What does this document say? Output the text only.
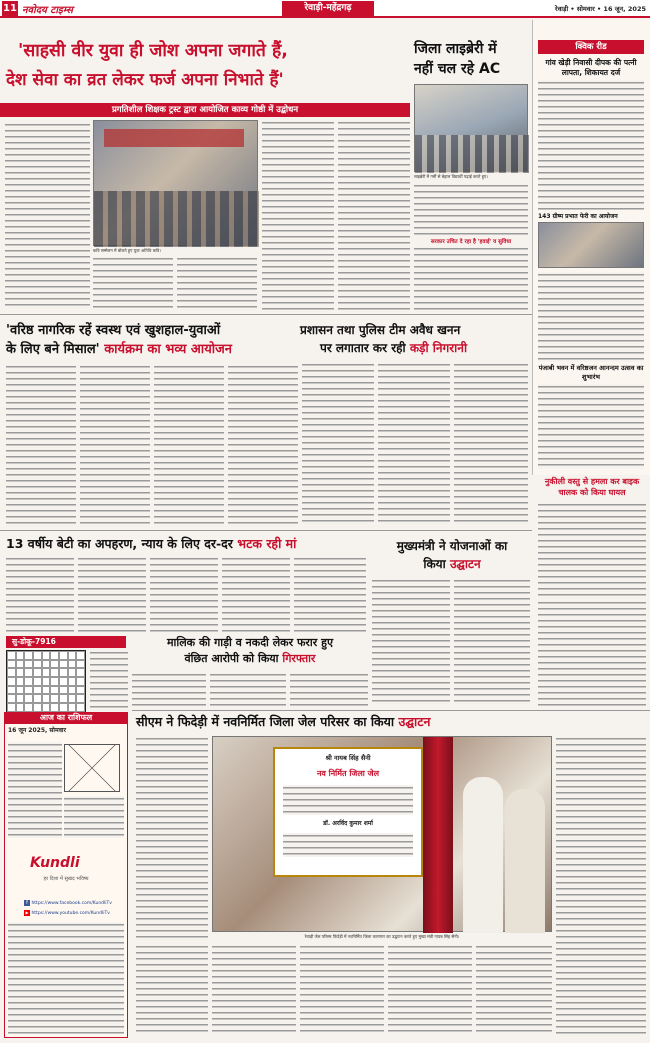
11 नवोदय टाइम्स	रेवाड़ी-महेंद्रगढ़	रेवाड़ी • सोमवार • 16 जून, 2025
'साहसी वीर युवा ही जोश अपना जगाते हैं,
देश सेवा का व्रत लेकर फर्ज अपना निभाते हैं'
प्रगतिशील शिक्षक ट्रस्ट द्वारा आयोजित काव्य गोष्ठी में उद्बोधन
कवि सम्मेलन में बोलते हुए युवा अतिथि कवि।
जिला लाइब्रेरी में
नहीं चल रहे AC
लाइब्रेरी में गर्मी से बेहाल विद्यार्थी पढ़ाई करते हुए।
सरकार उचित दे रहा है 'हवाई' व सुविधा
क्विक रीड
गांव खेड़ी निवासी दीपक की पत्नी लापता, शिकायत दर्ज
143 ग्रीष्म प्रभात फेरी का आयोजन
पंजाबी भवन में वरिष्ठजन आनन्दम उत्सव का शुभारंभ
'वरिष्ठ नागरिक रहें स्वस्थ एवं खुशहाल-युवाओं
के लिए बने मिसाल' कार्यक्रम का भव्य आयोजन
प्रशासन तथा पुलिस टीम अवैध खनन
पर लगातार कर रही कड़ी निगरानी
नुकीली वस्तु से हमला कर बाइक चालक को किया घायल
13 वर्षीय बेटी का अपहरण, न्याय के लिए दर-दर भटक रही मां	मुख्यमंत्री ने योजनाओं का
किया उद्घाटन
सु-डोकू-7916	मालिक की गाड़ी व नकदी लेकर फरार हुए
वंछित आरोपी को किया गिरफ्तार
आज का राशिफल
16 जून 2025, सोमवार
Kundli
हर दिशा में सुखद भविष्य
f https://www.facebook.com/KundliTv
▶ https://www.youtube.com/KundliTv
सीएम ने फिदेड़ी में नवनिर्मित जिला जेल परिसर का किया उद्घाटन
श्री नायब सिंह सैनी
नव निर्मित जिला जेल
डॉ. अरविंद कुमार शर्मा
रेवाड़ी जेल परिसर फिदेड़ी में नवनिर्मित जिला कारागार का उद्घाटन करते हुए मुख्य मंत्री नायब सिंह सैनी।
